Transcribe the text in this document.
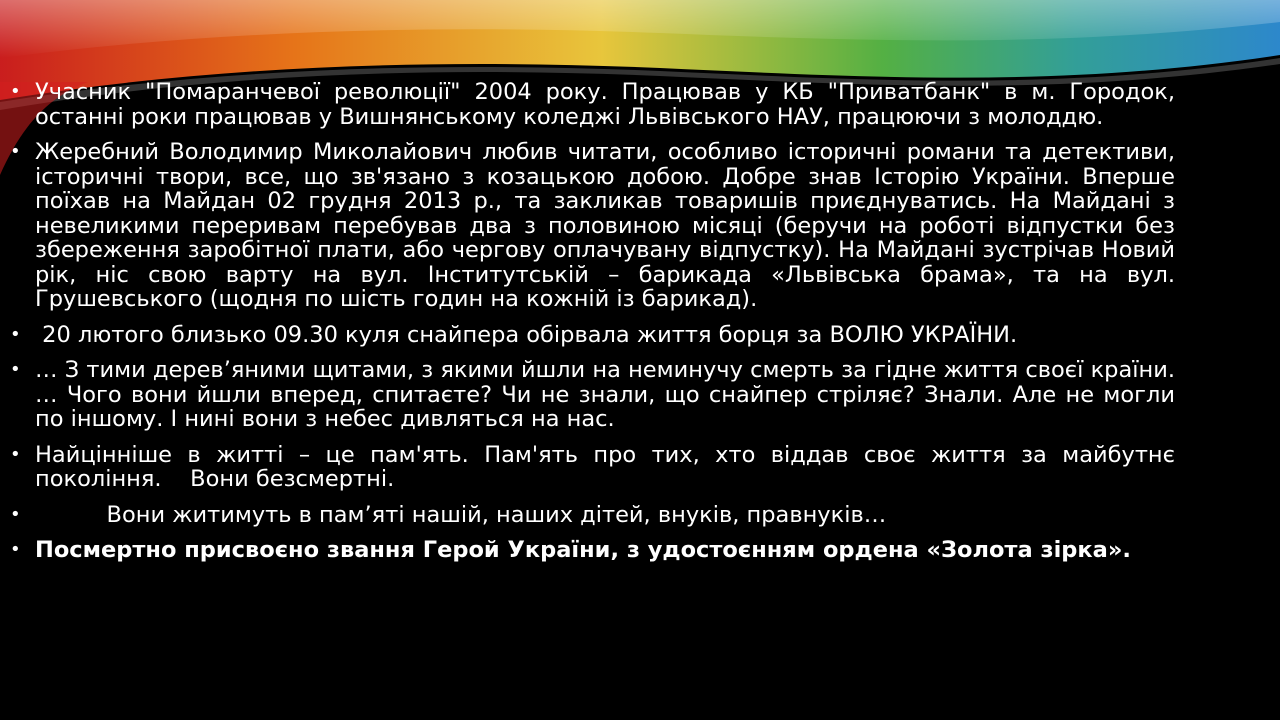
• Учасник "Помаранчевої революції" 2004 року. Працював у КБ "Приватбанк" в м. Городок, останні роки працював у Вишнянському коледжі Львівського НАУ, працюючи з молоддю.
• Жеребний Володимир Миколайович любив читати, особливо історичні романи та детективи, історичні твори, все, що зв'язано з козацькою добою. Добре знав Історію України. Вперше поїхав на Майдан 02 грудня 2013 р., та закликав товаришів приєднуватись. На Майдані з невеликими переривам перебував два з половиною місяці (беручи на роботі відпустки без збереження заробітної плати, або чергову оплачувану відпустку). На Майдані зустрічав Новий рік, ніс свою варту на вул. Інститутській – барикада «Львівська брама», та на вул. Грушевського (щодня по шість годин на кожній із барикад).
• 20 лютого близько 09.30 куля снайпера обірвала життя борця за ВОЛЮ УКРАЇНИ.
• … З тими дерев’яними щитами, з якими йшли на неминучу смерть за гідне життя своєї країни. … Чого вони йшли вперед, спитаєте? Чи не знали, що снайпер стріляє? Знали. Але не могли по іншому. І нині вони з небес дивляться на нас.
• Найцінніше в житті – це пам'ять. Пам'ять про тих, хто віддав своє життя за майбутнє покоління.    Вони безсмертні.
• Вони житимуть в пам’яті нашій, наших дітей, внуків, правнуків…
• Посмертно присвоєно звання Герой України, з удостоєнням ордена «Золота зірка».
